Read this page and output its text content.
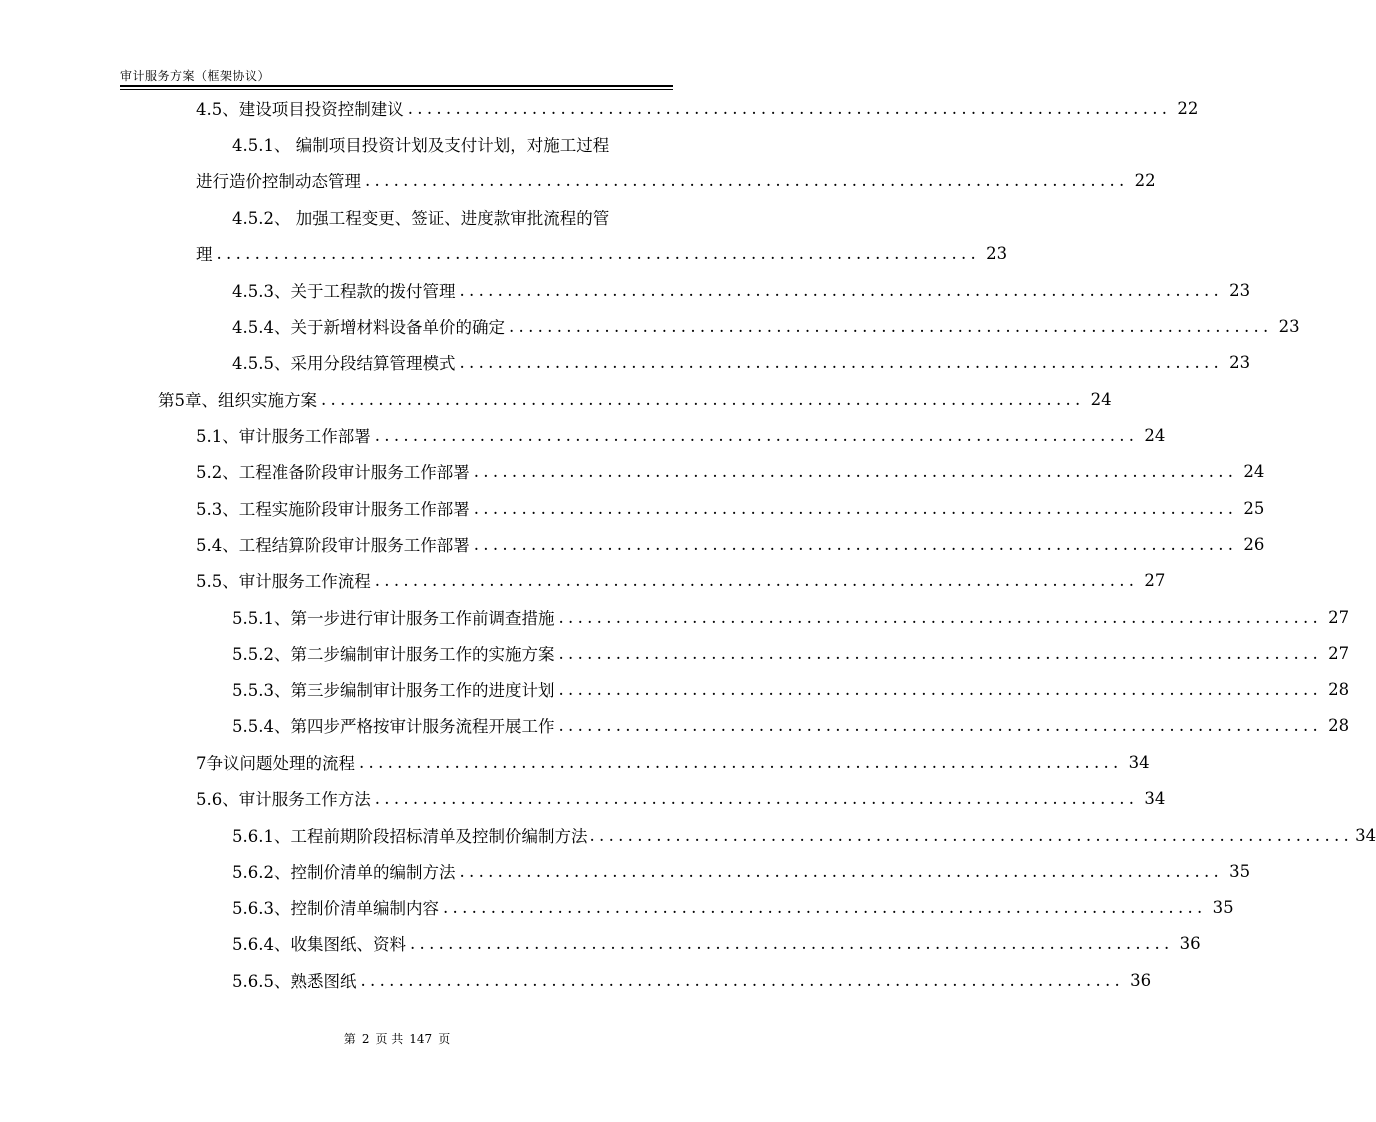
审计服务方案（框架协议）
4.5、 建设项目投资控制建议 ................................................................................ 22
4.5.1、 编制项目投资计划及支付计划，对施工过程
进行造价控制动态管理 ................................................................................ 22
4.5.2、 加强工程变更、签证、进度款审批流程的管
理 ................................................................................ 23
4.5.3、 关于工程款的拨付管理 ................................................................................ 23
4.5.4、 关于新增材料设备单价的确定 ................................................................................ 23
4.5.5、 采用分段结算管理模式 ................................................................................ 23
第5章、 组织实施方案 ................................................................................ 24
5.1、 审计服务工作部署 ................................................................................ 24
5.2、 工程准备阶段审计服务工作部署 ................................................................................ 24
5.3、 工程实施阶段审计服务工作部署 ................................................................................ 25
5.4、 工程结算阶段审计服务工作部署 ................................................................................ 26
5.5、 审计服务工作流程 ................................................................................ 27
5.5.1、 第一步进行审计服务工作前调查措施 ................................................................................ 27
5.5.2、 第二步编制审计服务工作的实施方案 ................................................................................ 27
5.5.3、 第三步编制审计服务工作的进度计划 ................................................................................ 28
5.5.4、 第四步严格按审计服务流程开展工作 ................................................................................ 28
7争议问题处理的流程 ................................................................................ 34
5.6、 审计服务工作方法 ................................................................................ 34
5.6.1、 工程前期阶段招标清单及控制价编制方法 ................................................................................ 34
5.6.2、 控制价清单的编制方法 ................................................................................ 35
5.6.3、 控制价清单编制内容 ................................................................................ 35
5.6.4、 收集图纸、资料 ................................................................................ 36
5.6.5、 熟悉图纸 ................................................................................ 36
第 2 页 共 147 页
